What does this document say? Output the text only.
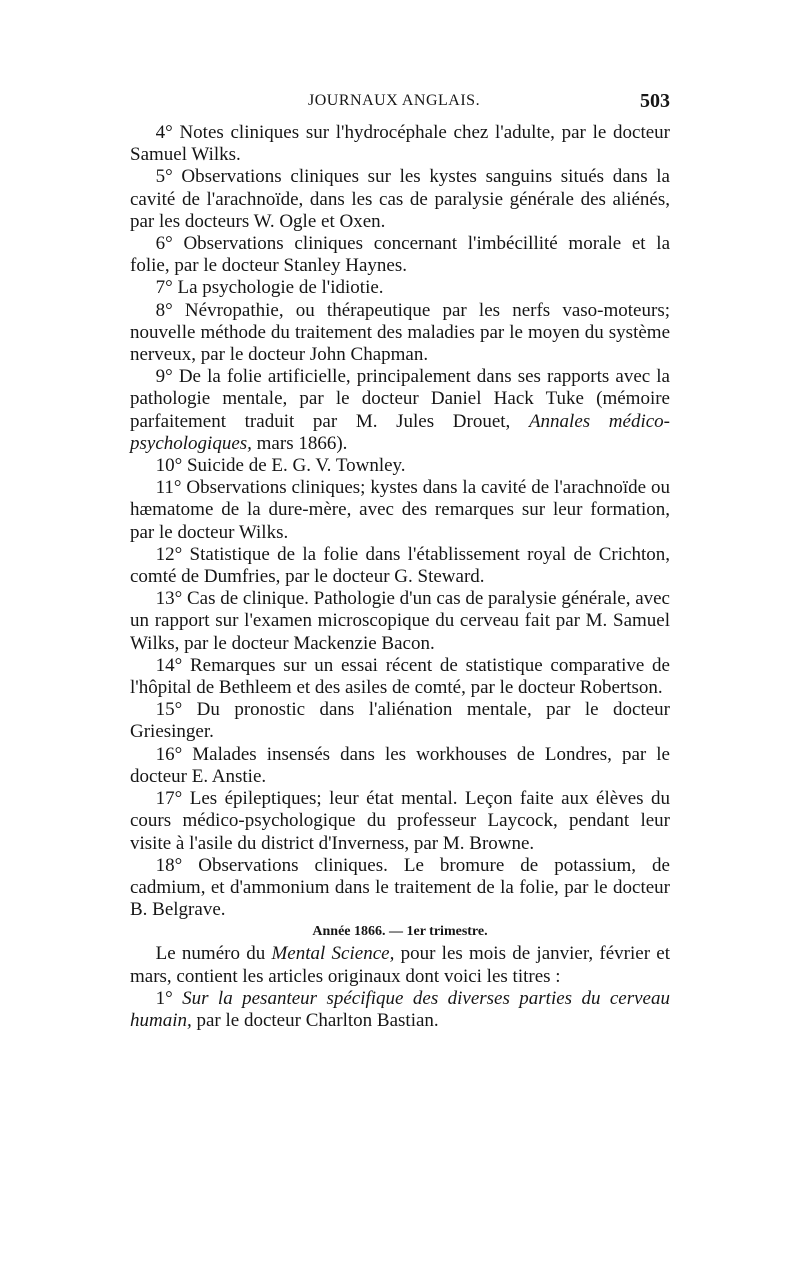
JOURNAUX ANGLAIS.	503

4° Notes cliniques sur l'hydrocéphale chez l'adulte, par le docteur Samuel Wilks.

5° Observations cliniques sur les kystes sanguins situés dans la cavité de l'arachnoïde, dans les cas de paralysie générale des aliénés, par les docteurs W. Ogle et Oxen.

6° Observations cliniques concernant l'imbécillité morale et la folie, par le docteur Stanley Haynes.

7° La psychologie de l'idiotie.

8° Névropathie, ou thérapeutique par les nerfs vaso-moteurs; nouvelle méthode du traitement des maladies par le moyen du système nerveux, par le docteur John Chapman.

9° De la folie artificielle, principalement dans ses rapports avec la pathologie mentale, par le docteur Daniel Hack Tuke (mémoire parfaitement traduit par M. Jules Drouet, Annales médico-psychologiques, mars 1866).

10° Suicide de E. G. V. Townley.

11° Observations cliniques; kystes dans la cavité de l'arachnoïde ou hæmatome de la dure-mère, avec des remarques sur leur formation, par le docteur Wilks.

12° Statistique de la folie dans l'établissement royal de Crichton, comté de Dumfries, par le docteur G. Steward.

13° Cas de clinique. Pathologie d'un cas de paralysie générale, avec un rapport sur l'examen microscopique du cerveau fait par M. Samuel Wilks, par le docteur Mackenzie Bacon.

14° Remarques sur un essai récent de statistique comparative de l'hôpital de Bethleem et des asiles de comté, par le docteur Robertson.

15° Du pronostic dans l'aliénation mentale, par le docteur Griesinger.

16° Malades insensés dans les workhouses de Londres, par le docteur E. Anstie.

17° Les épileptiques; leur état mental. Leçon faite aux élèves du cours médico-psychologique du professeur Laycock, pendant leur visite à l'asile du district d'Inverness, par M. Browne.

18° Observations cliniques. Le bromure de potassium, de cadmium, et d'ammonium dans le traitement de la folie, par le docteur B. Belgrave.

Année 1866. — 1er trimestre.

Le numéro du Mental Science, pour les mois de janvier, février et mars, contient les articles originaux dont voici les titres :

1° Sur la pesanteur spécifique des diverses parties du cerveau humain, par le docteur Charlton Bastian.
